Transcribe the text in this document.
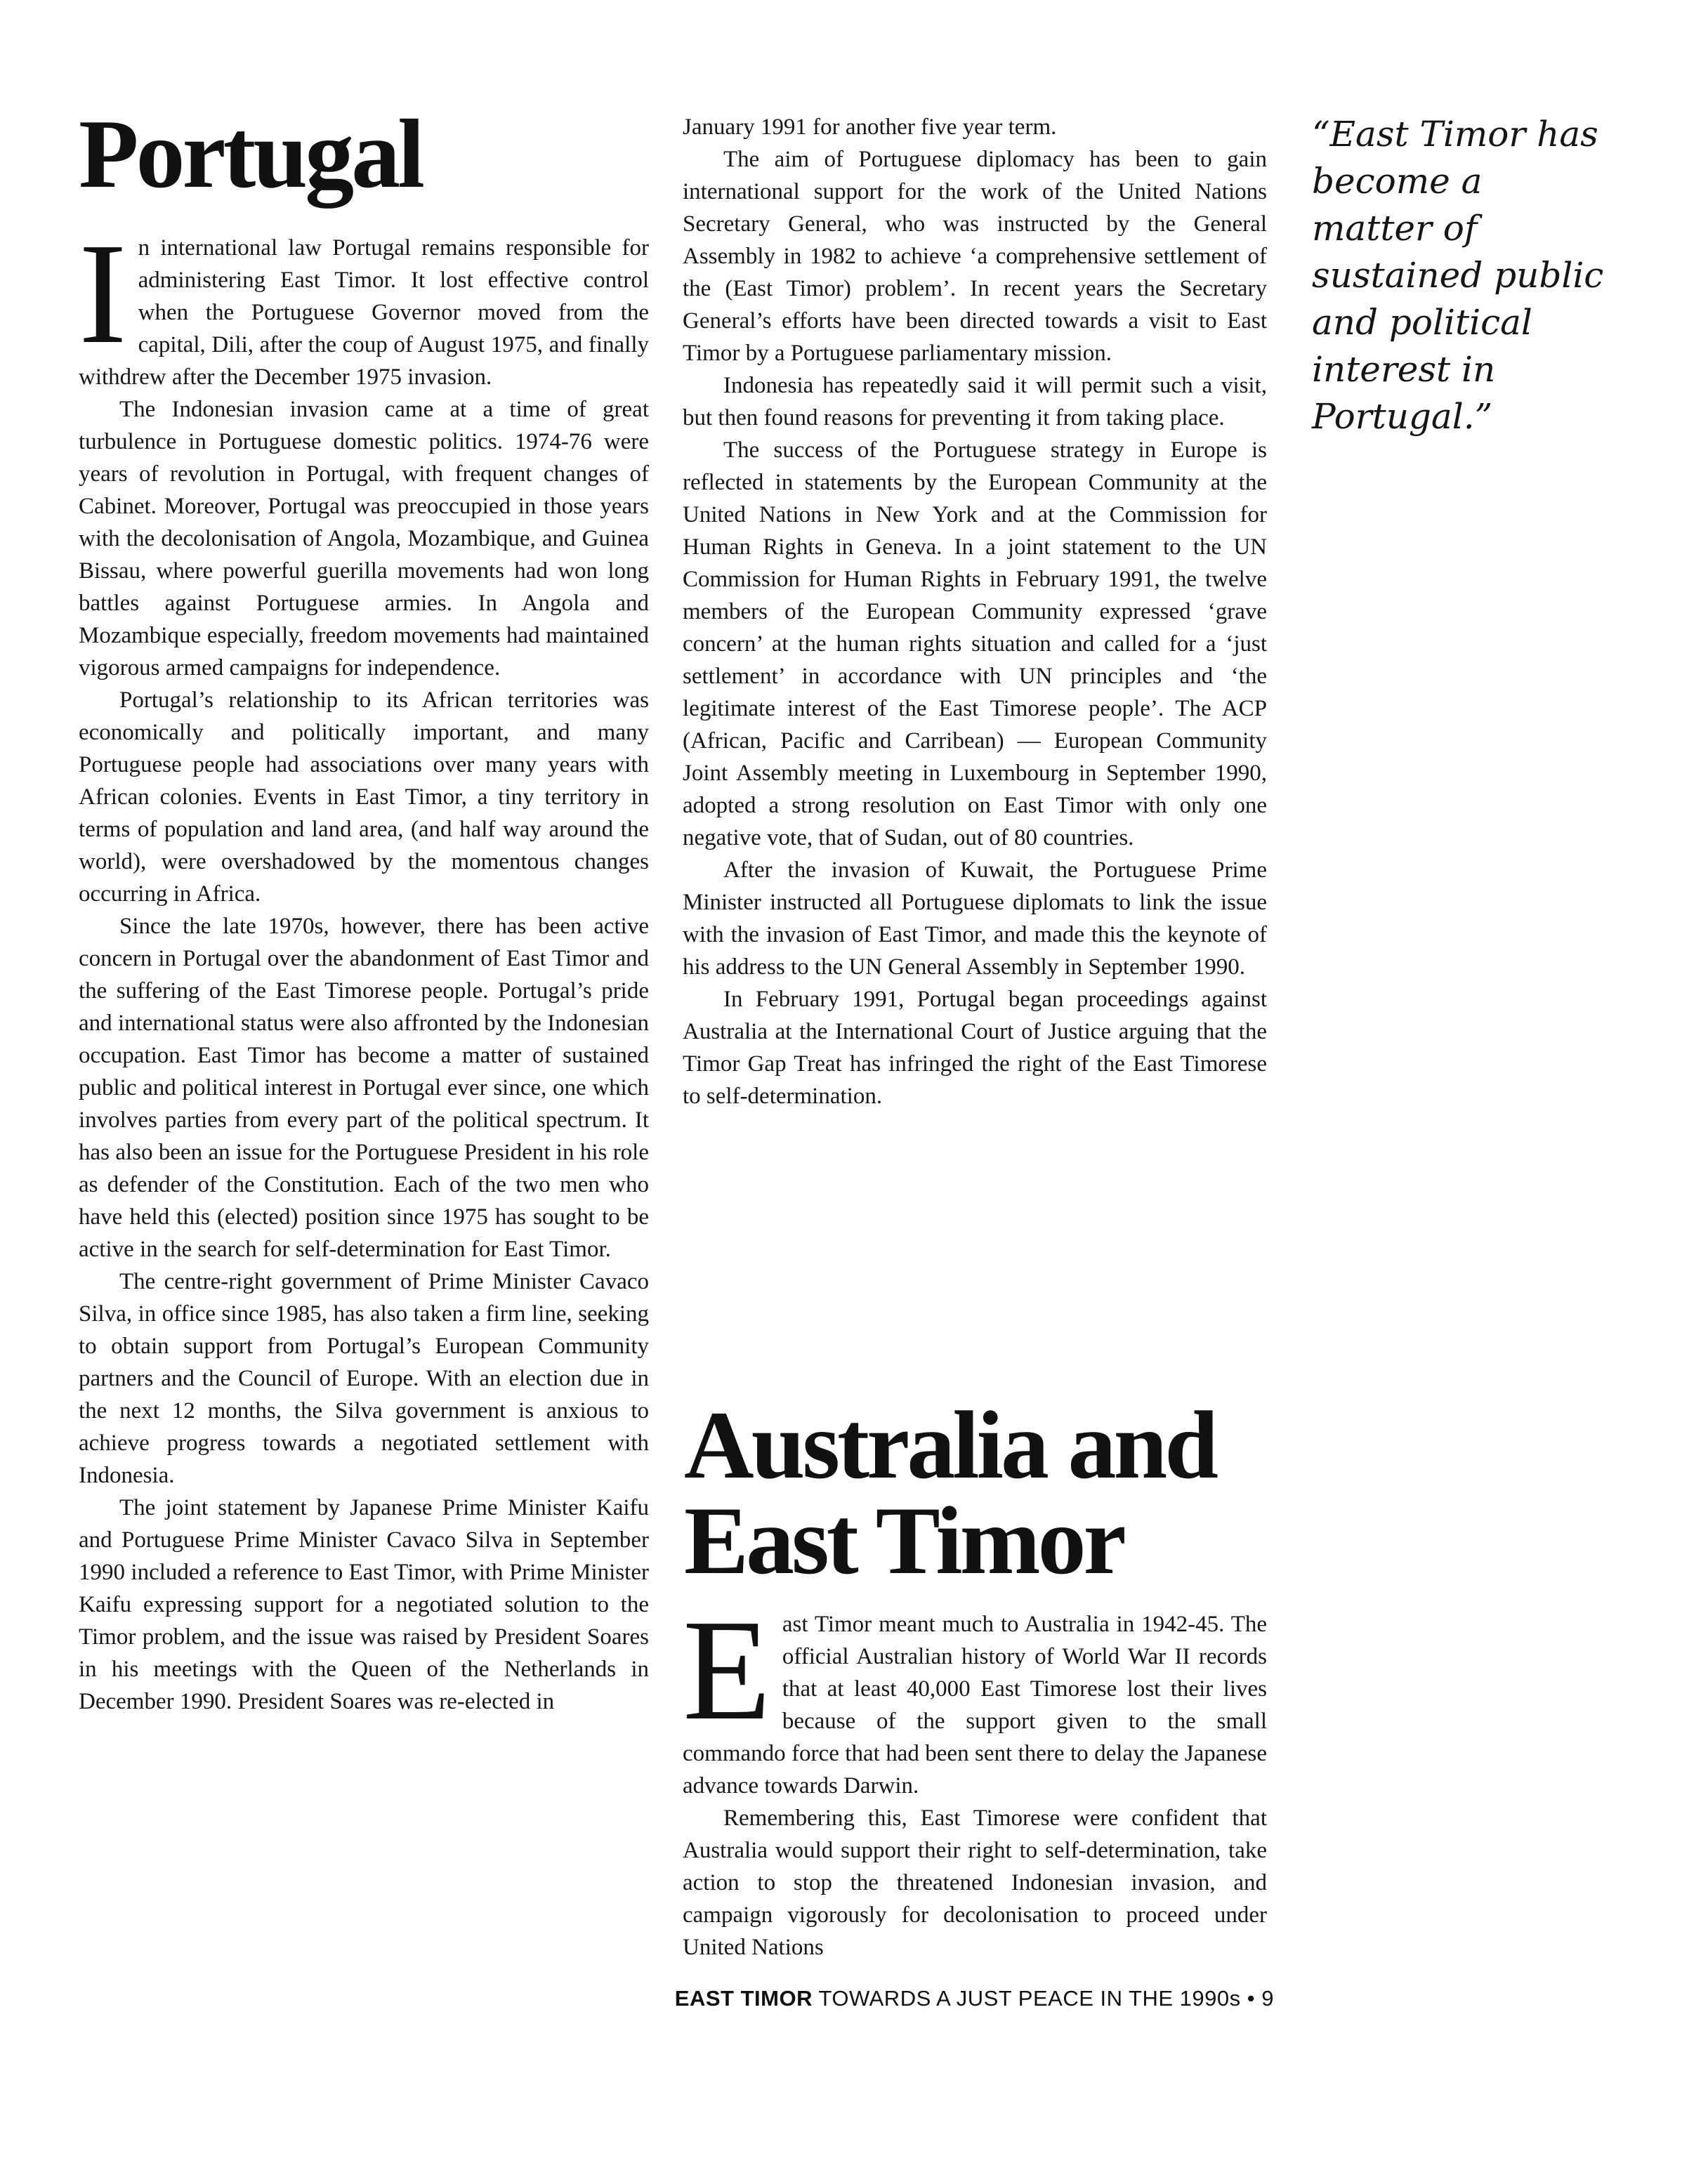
Portugal

In international law Portugal remains responsible for administering East Timor. It lost effective control when the Portuguese Governor moved from the capital, Dili, after the coup of August 1975, and finally withdrew after the December 1975 invasion.

The Indonesian invasion came at a time of great turbulence in Portuguese domestic politics. 1974-76 were years of revolution in Portugal, with frequent changes of Cabinet. Moreover, Portugal was preoccupied in those years with the decolonisation of Angola, Mozambique, and Guinea Bissau, where powerful guerilla movements had won long battles against Portuguese armies. In Angola and Mozambique especially, freedom movements had maintained vigorous armed campaigns for independence.

Portugal’s relationship to its African territories was economically and politically important, and many Portuguese people had associations over many years with African colonies. Events in East Timor, a tiny territory in terms of population and land area, (and half way around the world), were overshadowed by the momentous changes occurring in Africa.

Since the late 1970s, however, there has been active concern in Portugal over the abandonment of East Timor and the suffering of the East Timorese people. Portugal’s pride and international status were also affronted by the Indonesian occupation. East Timor has become a matter of sustained public and political interest in Portugal ever since, one which involves parties from every part of the political spectrum. It has also been an issue for the Portuguese President in his role as defender of the Constitution. Each of the two men who have held this (elected) position since 1975 has sought to be active in the search for self-determination for East Timor.

The centre-right government of Prime Minister Cavaco Silva, in office since 1985, has also taken a firm line, seeking to obtain support from Portugal’s European Community partners and the Council of Europe. With an election due in the next 12 months, the Silva government is anxious to achieve progress towards a negotiated settlement with Indonesia.

The joint statement by Japanese Prime Minister Kaifu and Portuguese Prime Minister Cavaco Silva in September 1990 included a reference to East Timor, with Prime Minister Kaifu expressing support for a negotiated solution to the Timor problem, and the issue was raised by President Soares in his meetings with the Queen of the Netherlands in December 1990. President Soares was re-elected in

January 1991 for another five year term.

The aim of Portuguese diplomacy has been to gain international support for the work of the United Nations Secretary General, who was instructed by the General Assembly in 1982 to achieve ‘a comprehensive settlement of the (East Timor) problem’. In recent years the Secretary General’s efforts have been directed towards a visit to East Timor by a Portuguese parliamentary mission.

Indonesia has repeatedly said it will permit such a visit, but then found reasons for preventing it from taking place.

The success of the Portuguese strategy in Europe is reflected in statements by the European Community at the United Nations in New York and at the Commission for Human Rights in Geneva. In a joint statement to the UN Commission for Human Rights in February 1991, the twelve members of the European Community expressed ‘grave concern’ at the human rights situation and called for a ‘just settlement’ in accordance with UN principles and ‘the legitimate interest of the East Timorese people’. The ACP (African, Pacific and Carribean) — European Community Joint Assembly meeting in Luxembourg in September 1990, adopted a strong resolution on East Timor with only one negative vote, that of Sudan, out of 80 countries.

After the invasion of Kuwait, the Portuguese Prime Minister instructed all Portuguese diplomats to link the issue with the invasion of East Timor, and made this the keynote of his address to the UN General Assembly in September 1990.

In February 1991, Portugal began proceedings against Australia at the International Court of Justice arguing that the Timor Gap Treat has infringed the right of the East Timorese to self-determination.

Australia and East Timor

East Timor meant much to Australia in 1942-45. The official Australian history of World War II records that at least 40,000 East Timorese lost their lives because of the support given to the small commando force that had been sent there to delay the Japanese advance towards Darwin.

Remembering this, East Timorese were confident that Australia would support their right to self-determination, take action to stop the threatened Indonesian invasion, and campaign vigorously for decolonisation to proceed under United Nations

“East Timor has become a matter of sustained public and political interest in Portugal.”
EAST TIMOR TOWARDS A JUST PEACE IN THE 1990s • 9
